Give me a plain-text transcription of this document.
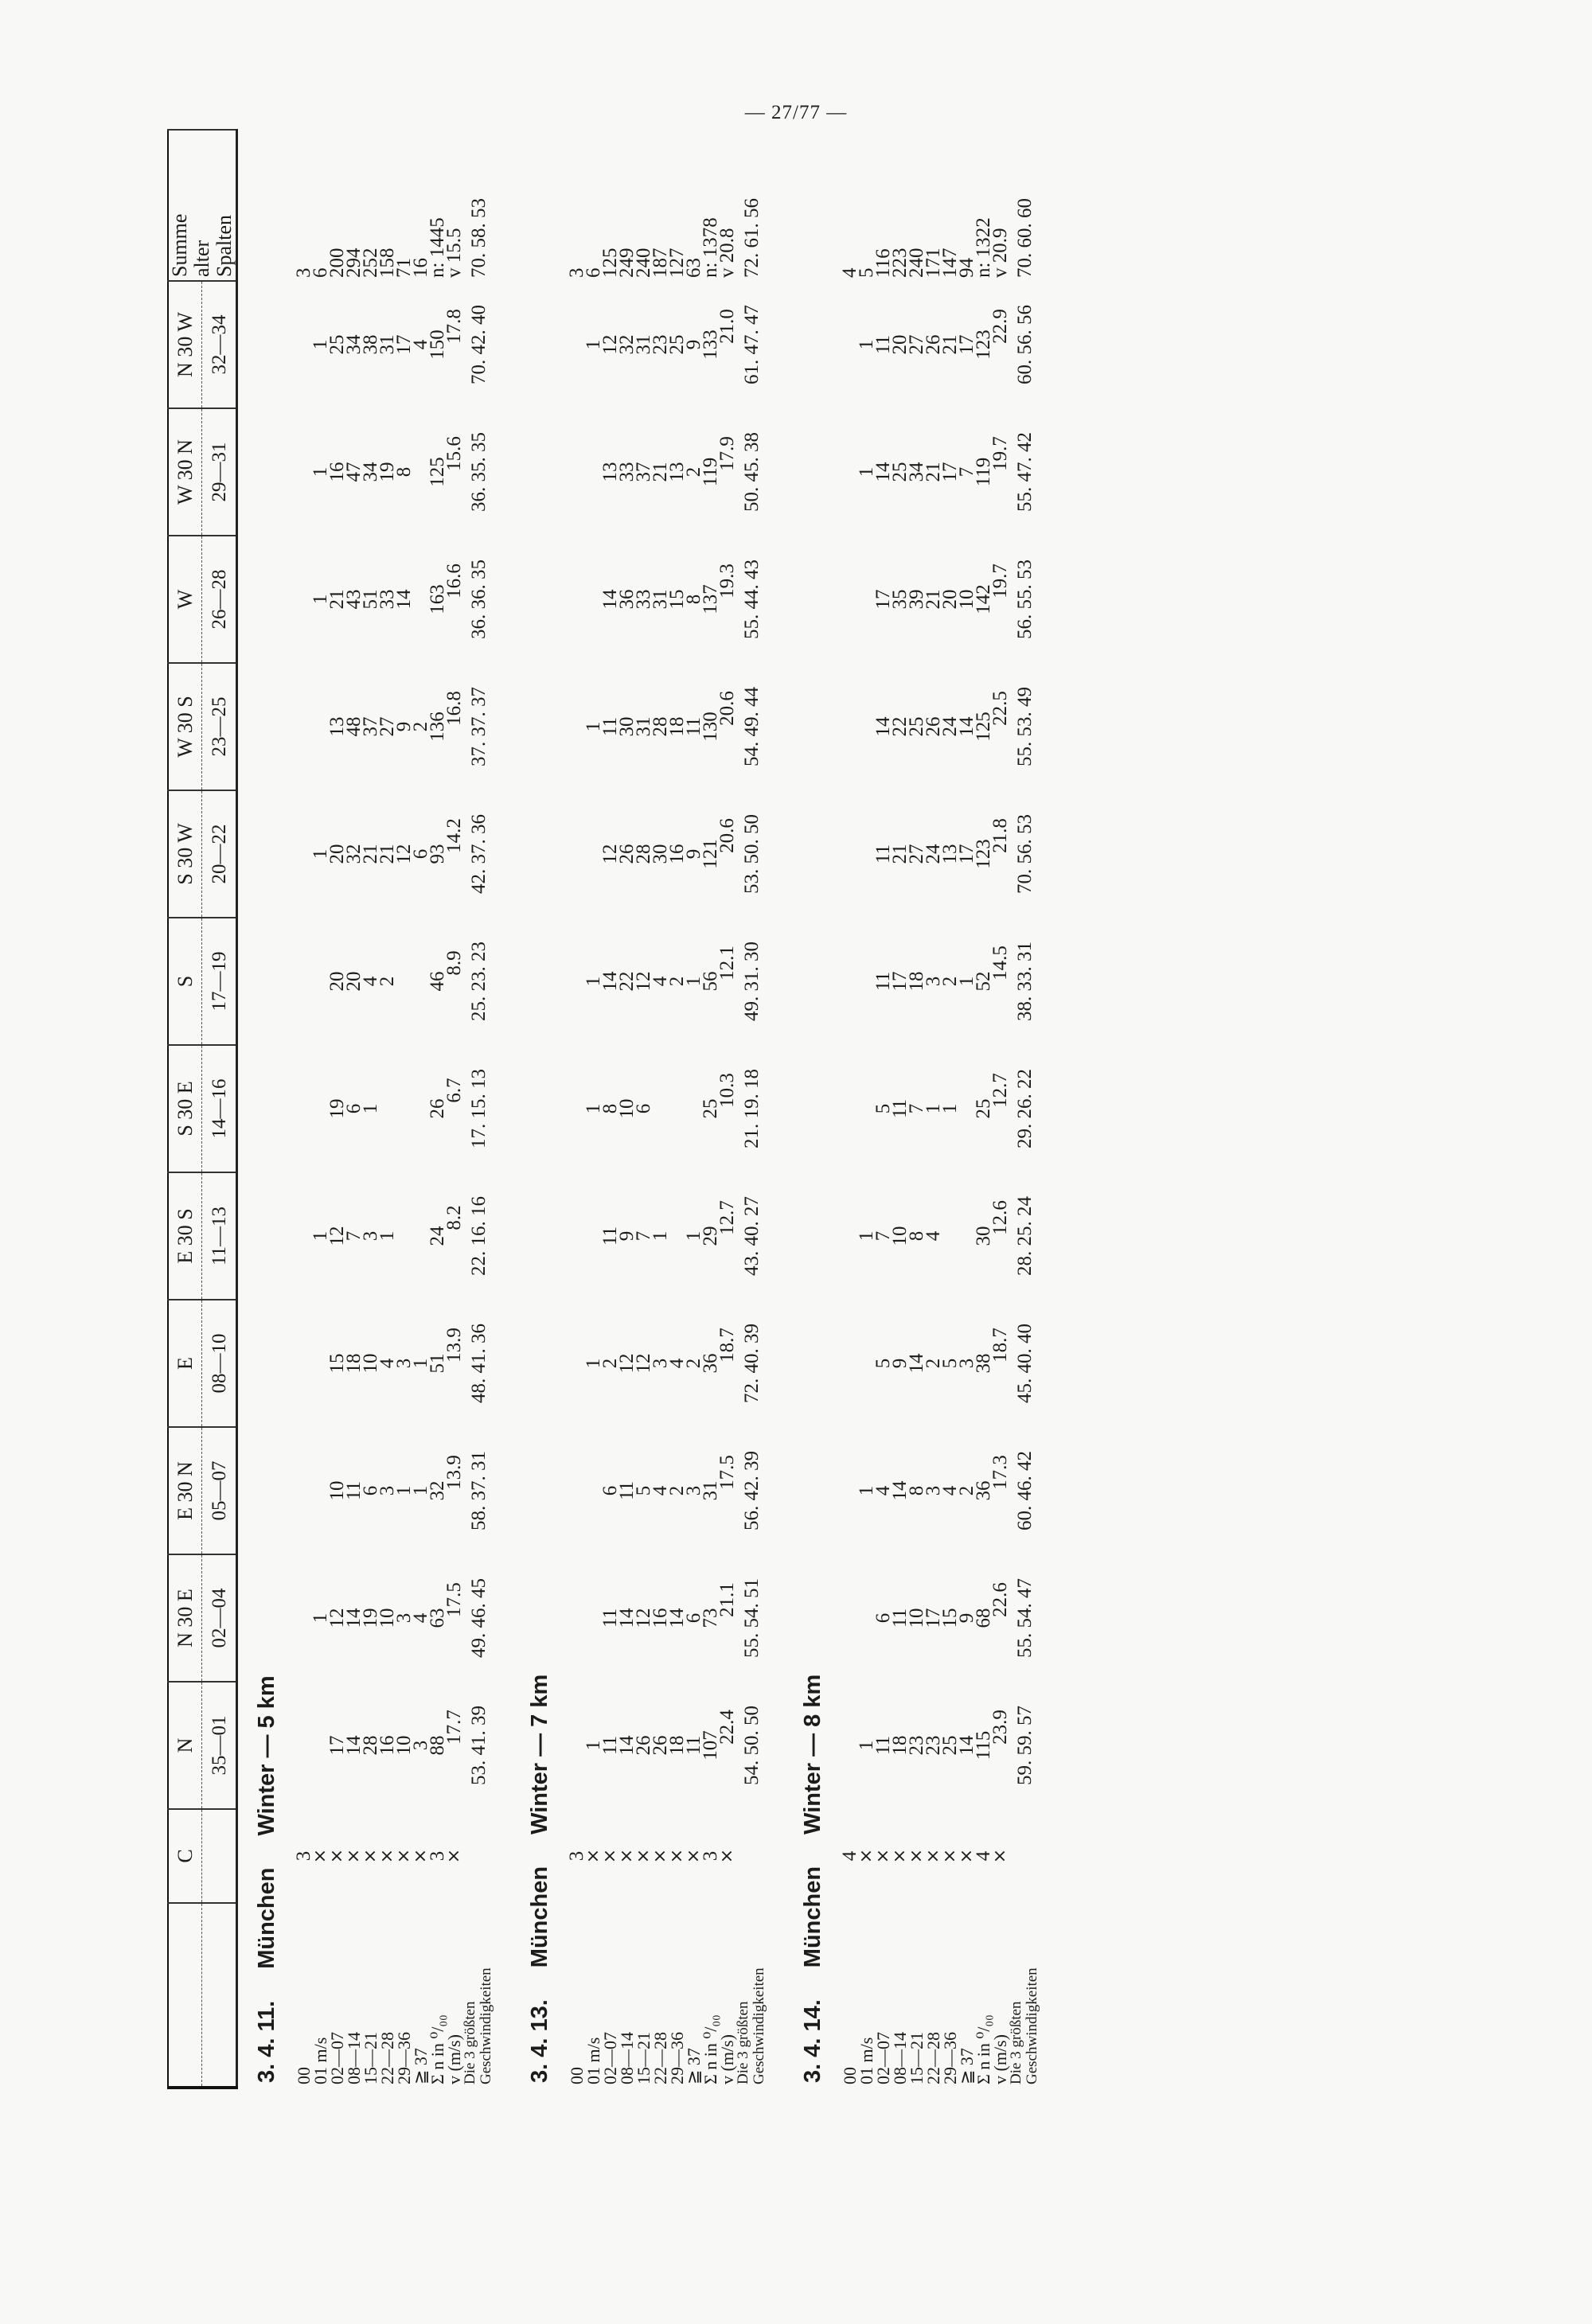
— 27/77 —
	C	N	N 30 E	E 30 N	E	E 30 S	S 30 E	S	S 30 W	W 30 S	W	W 30 N	N 30 W	Summe alter Spalten

		35—01	02—04	05—07	08—10	11—13	14—16	17—19	20—22	23—25	26—28	29—31	32—34	
3. 4. 11.MünchenWinter — 5 km														
00	3													3
01 m/s	×		1			1			1		1	1	1	6
02—07	×	17	12	10	15	12	19	20	20	13	21	16	25	200
08—14	×	14	14	11	18	7	6	20	32	48	43	47	34	294
15—21	×	28	19	6	10	3	1	4	21	37	51	34	38	252
22—28	×	16	10	3	4	1		2	21	27	33	19	31	158
29—36	×	10	3	1	3				12	9	14	8	17	71
≧ 37	×	3	4	1	1				6	2			4	16
Σ n in ⁰/₀₀	3	88	63	32	51	24	26	46	93	136	163	125	150	n: 1445
v (m/s)	×	17.7	17.5	13.9	13.9	8.2	6.7	8.9	14.2	16.8	16.6	15.6	17.8	v 15.5

Die 3 größten Geschwindigkeiten		53. 41. 39	49. 46. 45	58. 37. 31	48. 41. 36	22. 16. 16	17. 15. 13	25. 23. 23	42. 37. 36	37. 37. 37	36. 36. 35	36. 35. 35	70. 42. 40	70. 58. 53

3. 4. 13.MünchenWinter — 7 km														
00	3													3
01 m/s	×	1			1		1	1		1			1	6
02—07	×	11	11	6	2	11	8	14	12	11	14	13	12	125
08—14	×	14	14	11	12	9	10	22	26	30	36	33	32	249
15—21	×	26	12	5	12	7	6	12	28	31	33	37	31	240
22—28	×	26	16	4	3	1		4	30	28	31	21	23	187
29—36	×	18	14	2	4			2	16	18	15	13	25	127
≧ 37	×	11	6	3	2	1		1	9	11	8	2	9	63
Σ n in ⁰/₀₀	3	107	73	31	36	29	25	56	121	130	137	119	133	n: 1378
v (m/s)	×	22.4	21.1	17.5	18.7	12.7	10.3	12.1	20.6	20.6	19.3	17.9	21.0	v 20.8

Die 3 größten Geschwindigkeiten		54. 50. 50	55. 54. 51	56. 42. 39	72. 40. 39	43. 40. 27	21. 19. 18	49. 31. 30	53. 50. 50	54. 49. 44	55. 44. 43	50. 45. 38	61. 47. 47	72. 61. 56

3. 4. 14.MünchenWinter — 8 km														
00	4													4
01 m/s	×	1		1		1						1	1	5
02—07	×	11	6	4	5	7	5	11	11	14	17	14	11	116
08—14	×	18	11	14	9	10	11	17	21	22	35	25	20	223
15—21	×	23	10	8	14	8	7	18	27	25	39	34	27	240
22—28	×	23	17	3	2	4	1	3	24	26	21	21	26	171
29—36	×	25	15	4	5		1	2	13	24	20	17	21	147
≧ 37	×	14	9	2	3			1	17	14	10	7	17	94
Σ n in ⁰/₀₀	4	115	68	36	38	30	25	52	123	125	142	119	123	n: 1322
v (m/s)	×	23.9	22.6	17.3	18.7	12.6	12.7	14.5	21.8	22.5	19.7	19.7	22.9	v 20.9

Die 3 größten Geschwindigkeiten		59. 59. 57	55. 54. 47	60. 46. 42	45. 40. 40	28. 25. 24	29. 26. 22	38. 33. 31	70. 56. 53	55. 53. 49	56. 55. 53	55. 47. 42	60. 56. 56	70. 60. 60
